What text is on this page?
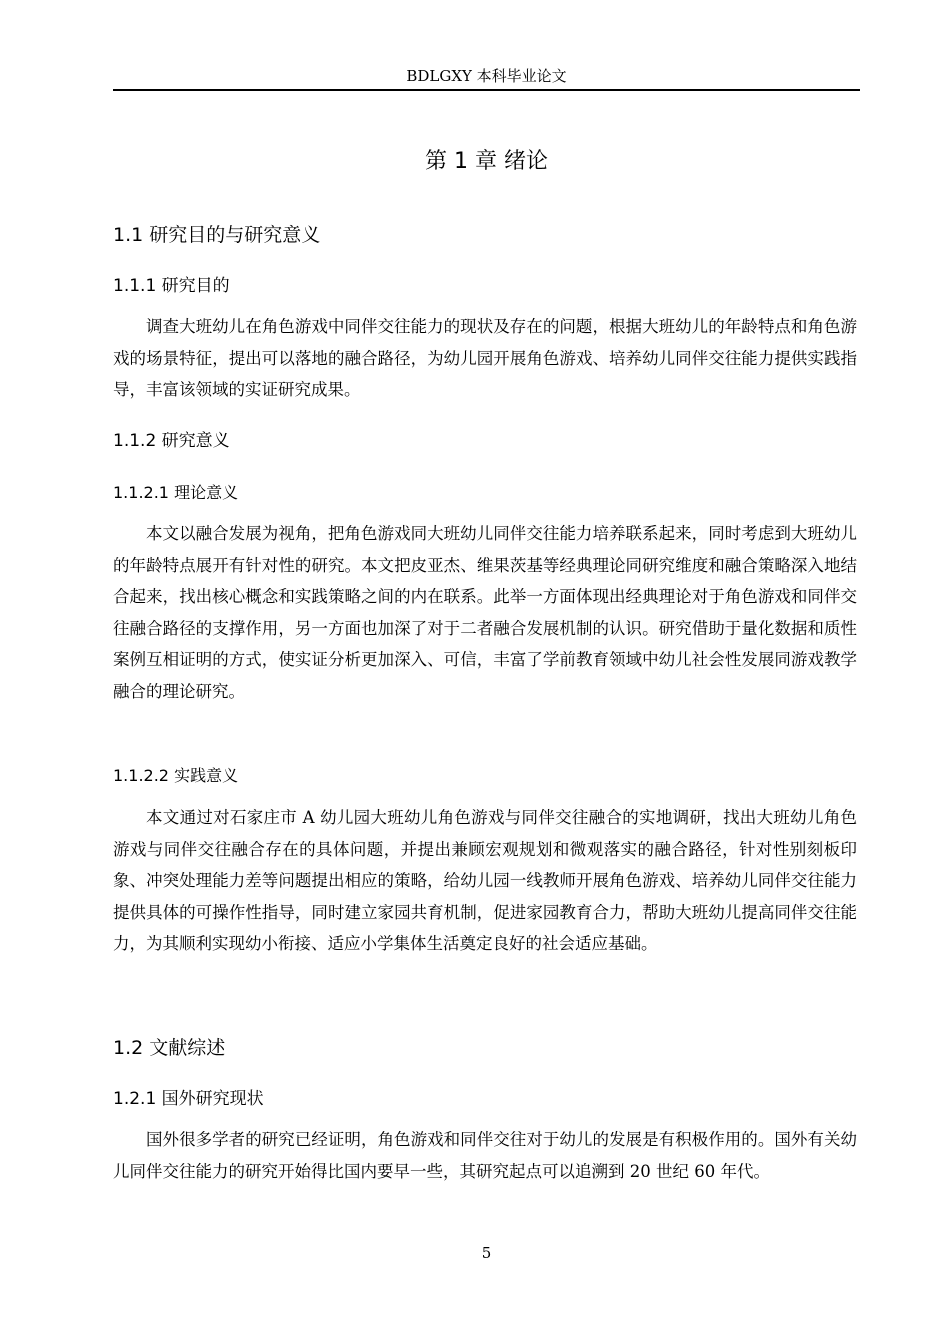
BDLGXY 本科毕业论文
第 1 章 绪论
1.1 研究目的与研究意义
1.1.1 研究目的

调查大班幼儿在角色游戏中同伴交往能力的现状及存在的问题，根据大班幼儿的年龄特点和角色游戏的场景特征，提出可以落地的融合路径，为幼儿园开展角色游戏、培养幼儿同伴交往能力提供实践指导，丰富该领域的实证研究成果。

1.1.2 研究意义
1.1.2.1 理论意义

本文以融合发展为视角，把角色游戏同大班幼儿同伴交往能力培养联系起来，同时考虑到大班幼儿的年龄特点展开有针对性的研究。本文把皮亚杰、维果茨基等经典理论同研究维度和融合策略深入地结合起来，找出核心概念和实践策略之间的内在联系。此举一方面体现出经典理论对于角色游戏和同伴交往融合路径的支撑作用，另一方面也加深了对于二者融合发展机制的认识。研究借助于量化数据和质性案例互相证明的方式，使实证分析更加深入、可信，丰富了学前教育领域中幼儿社会性发展同游戏教学融合的理论研究。

1.1.2.2 实践意义

本文通过对石家庄市 A 幼儿园大班幼儿角色游戏与同伴交往融合的实地调研，找出大班幼儿角色游戏与同伴交往融合存在的具体问题，并提出兼顾宏观规划和微观落实的融合路径，针对性别刻板印象、冲突处理能力差等问题提出相应的策略，给幼儿园一线教师开展角色游戏、培养幼儿同伴交往能力提供具体的可操作性指导，同时建立家园共育机制，促进家园教育合力，帮助大班幼儿提高同伴交往能力，为其顺利实现幼小衔接、适应小学集体生活奠定良好的社会适应基础。

1.2 文献综述
1.2.1 国外研究现状

国外很多学者的研究已经证明，角色游戏和同伴交往对于幼儿的发展是有积极作用的。国外有关幼儿同伴交往能力的研究开始得比国内要早一些，其研究起点可以追溯到 20 世纪 60 年代。

5
